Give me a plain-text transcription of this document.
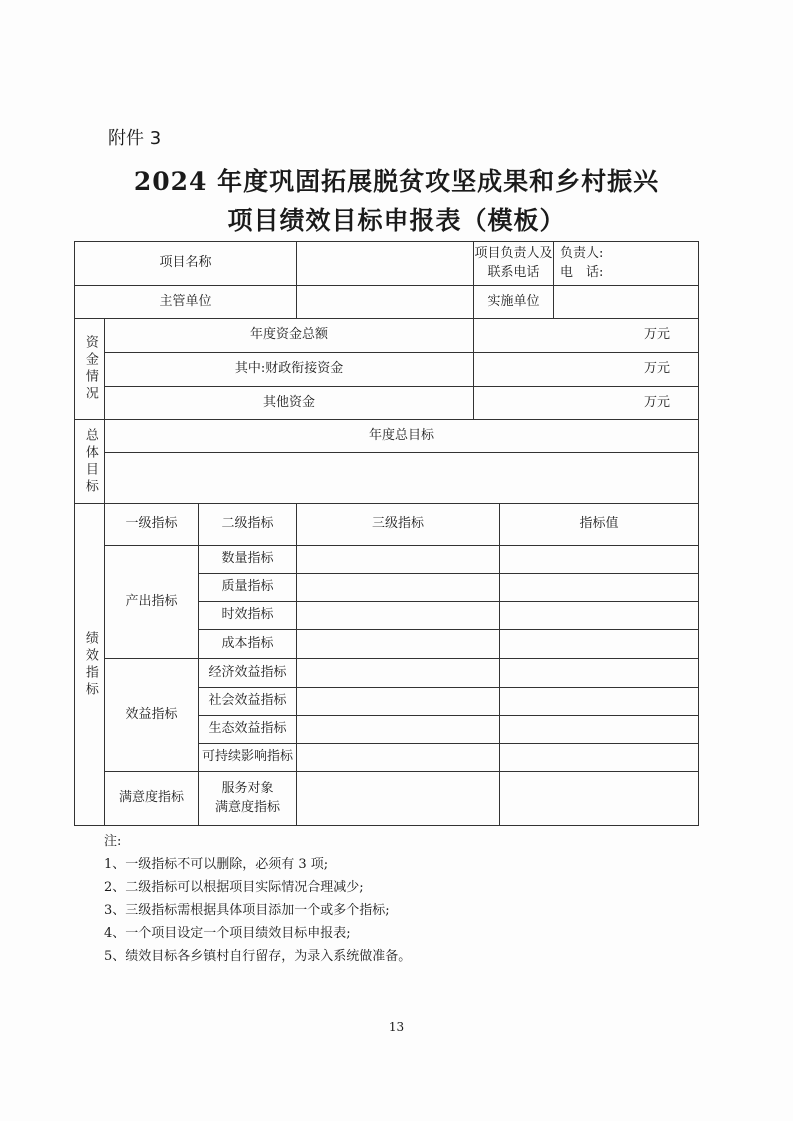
附件 3
2024 年度巩固拓展脱贫攻坚成果和乡村振兴
项目绩效目标申报表（模板）
项目名称				项目负责人及联系电话		负责人:
电　话:

主管单位				实施单位		
资金情况	年度资金总额			万元		
	其中:财政衔接资金			万元		
	其他资金			万元		
总体目标	年度总目标					

绩效指标	一级指标	二级指标	三级指标		指标值	
	产出指标	数量指标				
		质量指标				
		时效指标				
		成本指标				
	效益指标	经济效益指标				
		社会效益指标				
		生态效益指标				
		可持续影响指标				
	满意度指标	服务对象
满意度指标				

注:
1、一级指标不可以删除，必须有 3 项;
2、二级指标可以根据项目实际情况合理减少;
3、三级指标需根据具体项目添加一个或多个指标;
4、一个项目设定一个项目绩效目标申报表;
5、绩效目标各乡镇村自行留存，为录入系统做准备。
13
